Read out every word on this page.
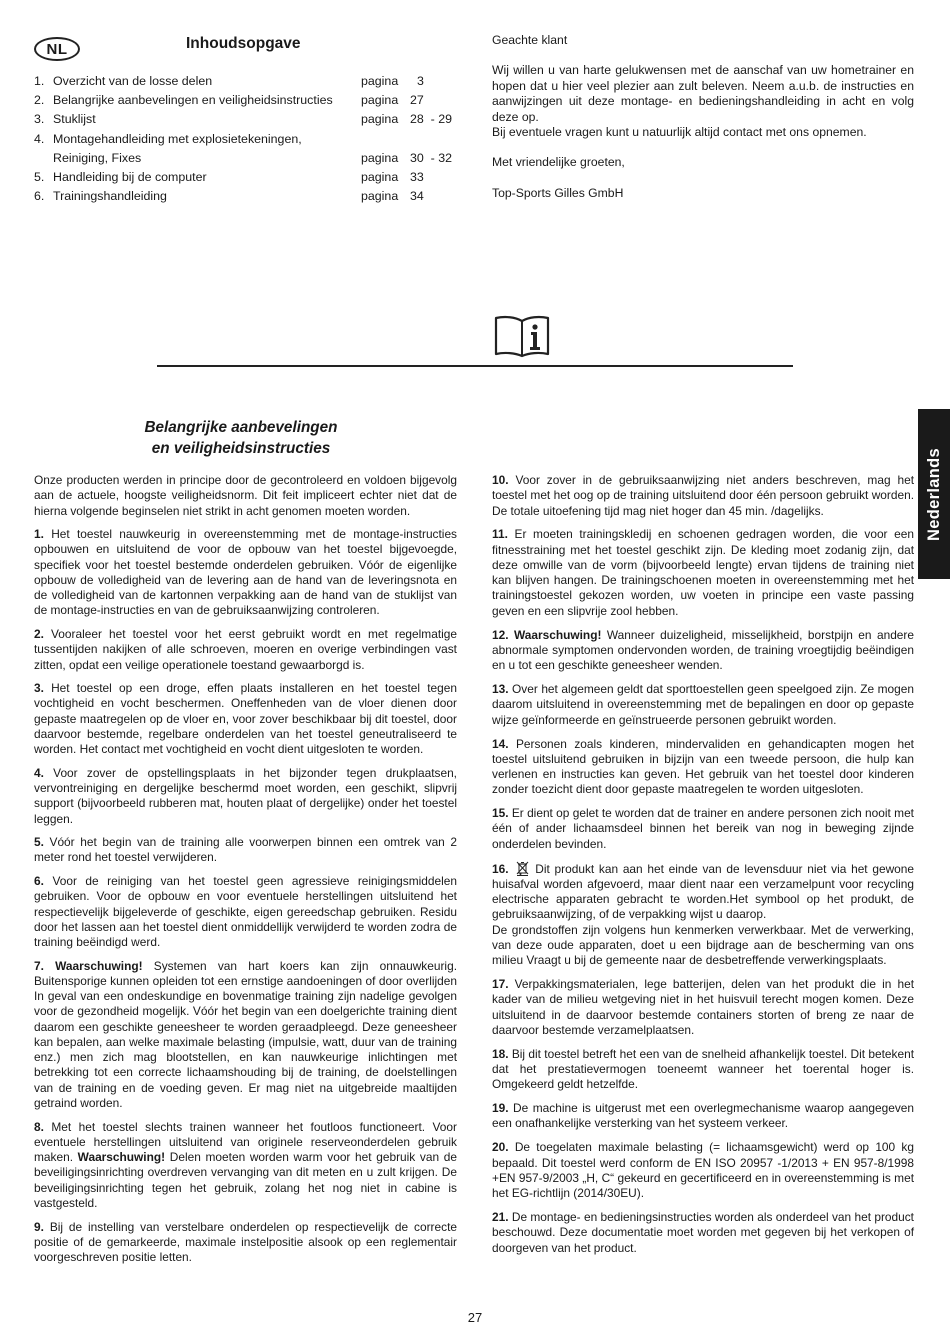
NL	Inhoudsopgave
1. Overzicht van de losse delen	pagina	3
2. Belangrijke aanbevelingen en veiligheidsinstructies	pagina 27
3. Stuklijst	pagina 28  - 29
4. Montagehandleiding met explosietekeningen,
Reiniging, Fixes	pagina 30  - 32
5. Handleiding bij de computer	pagina 33
6. Trainingshandleiding	pagina 34

Geachte klant

Wij willen u van harte gelukwensen met de aanschaf van uw hometrainer en hopen dat u hier veel plezier aan zult beleven. Neem a.u.b. de instructies en aanwijzingen uit deze montage- en bedieningshandleiding in acht en volg deze op.
Bij eventuele vragen kunt u natuurlijk altijd contact met ons opnemen.

Met vriendelijke groeten,

Top-Sports Gilles GmbH

Nederlands
Belangrijke aanbevelingen
en veiligheidsinstructies

Onze producten werden in principe door de gecontroleerd en voldoen bijgevolg aan de actuele, hoogste veiligheidsnorm. Dit feit impliceert echter niet dat de hierna volgende beginselen niet strikt in acht genomen moeten worden.

1. Het toestel nauwkeurig in overeenstemming met de montage-instructies opbouwen en uitsluitend de voor de opbouw van het toestel bijgevoegde, specifiek voor het toestel bestemde onderdelen gebruiken. Vóór de eigenlijke opbouw de volledigheid van de levering aan de hand van de leveringsnota en de volledigheid van de kartonnen verpakking aan de hand van de stuklijst van de montage-instructies en van de gebruiksaanwijzing controleren.

2. Vooraleer het toestel voor het eerst gebruikt wordt en met regelmatige tussentijden nakijken of alle schroeven, moeren en overige verbindingen vast zitten, opdat een veilige operationele toestand gewaarborgd is.

3. Het toestel op een droge, effen plaats installeren en het toestel tegen vochtigheid en vocht beschermen. Oneffenheden van de vloer dienen door gepaste maatregelen op de vloer en, voor zover beschikbaar bij dit toestel, door daarvoor bestemde, regelbare onderdelen van het toestel geneutraliseerd te worden. Het contact met vochtigheid en vocht dient uitgesloten te worden.

4. Voor zover de opstellingsplaats in het bijzonder tegen drukplaatsen, vervontreiniging en dergelijke beschermd moet worden, een geschikt, slipvrij support (bijvoorbeeld rubberen mat, houten plaat of dergelijke) onder het toestel leggen.

5. Vóór het begin van de training alle voorwerpen binnen een omtrek van 2 meter rond het toestel verwijderen.

6. Voor de reiniging van het toestel geen agressieve reinigingsmiddelen gebruiken. Voor de opbouw en voor eventuele herstellingen uitsluitend het respectievelijk bijgeleverde of geschikte, eigen gereedschap gebruiken. Residu door het lassen aan het toestel dient onmiddellijk verwijderd te worden zodra de training beëindigd werd.

7. Waarschuwing! Systemen van hart koers kan zijn onnauwkeurig. Buitensporige kunnen opleiden tot een ernstige aandoeningen of door overlijden In geval van een ondeskundige en bovenmatige training zijn nadelige gevolgen voor de gezondheid mogelijk. Vóór het begin van een doelgerichte training dient daarom een geschikte geneesheer te worden geraadpleegd. Deze geneesheer kan bepalen, aan welke maximale belasting (impulsie, watt, duur van de training enz.) men zich mag blootstellen, en kan nauwkeurige inlichtingen met betrekking tot een correcte lichaamshouding bij de training, de doelstellingen van de training en de voeding geven. Er mag niet na uitgebreide maaltijden getraind worden.

8. Met het toestel slechts trainen wanneer het foutloos functioneert. Voor eventuele herstellingen uitsluitend van originele reserveonderdelen gebruik maken. Waarschuwing! Delen moeten worden warm voor het gebruik van de beveiligingsinrichting overdreven vervanging van dit meten en u zult krijgen. De beveiligingsinrichting tegen het gebruik, zolang het nog niet in cabine is vastgesteld.

9. Bij de instelling van verstelbare onderdelen op respectievelijk de correcte positie of de gemarkeerde, maximale instelpositie alsook op een reglementair voorgeschreven positie letten.

10. Voor zover in de gebruiksaanwijzing niet anders beschreven, mag het toestel met het oog op de training uitsluitend door één persoon gebruikt worden. De totale uitoefening tijd mag niet hoger dan 45 min. /dagelijks.

11. Er moeten trainingskledij en schoenen gedragen worden, die voor een fitnesstraining met het toestel geschikt zijn. De kleding moet zodanig zijn, dat deze omwille van de vorm (bijvoorbeeld lengte) ervan tijdens de training niet kan blijven hangen. De trainingschoenen moeten in overeenstemming met het trainingstoestel gekozen worden, uw voeten in principe een vaste passing geven en een slipvrije zool hebben.

12. Waarschuwing! Wanneer duizeligheid, misselijkheid, borstpijn en andere abnormale symptomen ondervonden worden, de training vroegtijdig beëindigen en u tot een geschikte geneesheer wenden.

13. Over het algemeen geldt dat sporttoestellen geen speelgoed zijn. Ze mogen daarom uitsluitend in overeenstemming met de bepalingen en door op gepaste wijze geïnformeerde en geïnstrueerde personen gebruikt worden.

14. Personen zoals kinderen, mindervaliden en gehandicapten mogen het toestel uitsluitend gebruiken in bijzijn van een tweede persoon, die hulp kan verlenen en instructies kan geven. Het gebruik van het toestel door kinderen zonder toezicht dient door gepaste maatregelen te worden uitgesloten.

15. Er dient op gelet te worden dat de trainer en andere personen zich nooit met één of ander lichaamsdeel binnen het bereik van nog in beweging zijnde onderdelen bevinden.

16. Dit produkt kan aan het einde van de levensduur niet via het gewone huisafval worden afgevoerd, maar dient naar een verzamelpunt voor recycling electrische apparaten gebracht te worden.Het symbool op het produkt, de gebruiksaanwijzing, of de verpakking wijst u daarop.
De grondstoffen zijn volgens hun kenmerken verwerkbaar. Met de verwerking, van deze oude apparaten, doet u een bijdrage aan de bescherming van ons milieu Vraagt u bij de gemeente naar de desbetreffende verwerkingsplaats.

17. Verpakkingsmaterialen, lege batterijen, delen van het produkt die in het kader van de milieu wetgeving niet in het huisvuil terecht mogen komen. Deze uitsluitend in de daarvoor bestemde containers storten of breng ze naar de daarvoor bestemde verzamelplaatsen.

18. Bij dit toestel betreft het een van de snelheid afhankelijk toestel. Dit betekent dat het prestatievermogen toeneemt wanneer het toerental hoger is. Omgekeerd geldt hetzelfde.

19. De machine is uitgerust met een overlegmechanisme waarop aangegeven een onafhankelijke versterking van het systeem verkeer.

20. De toegelaten maximale belasting (= lichaamsgewicht) werd op 100 kg bepaald. Dit toestel werd conform de EN ISO 20957 -1/2013 + EN 957-8/1998 +EN 957-9/2003 „H, C“ gekeurd en gecertificeerd en in overeenstemming is met het EG-richtlijn (2014/30EU).

21. De montage- en bedieningsinstructies worden als onderdeel van het product beschouwd. Deze documentatie moet worden met gegeven bij het verkopen of doorgeven van het product.

27
